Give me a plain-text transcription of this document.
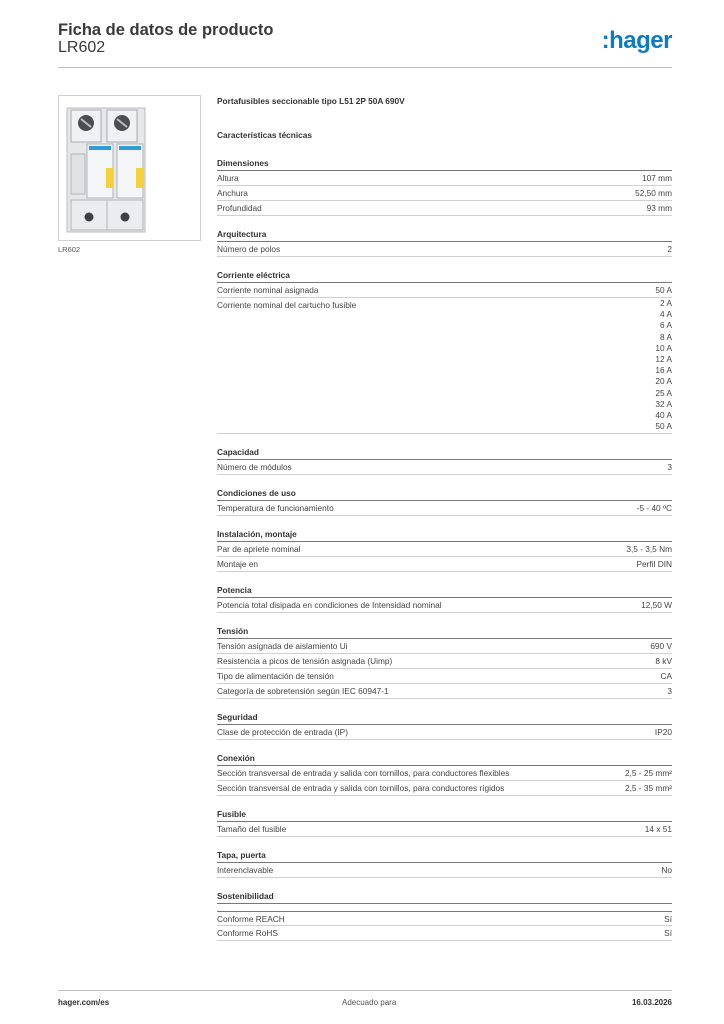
Ficha de datos de producto
LR602	:hager
LR602
Portafusibles seccionable tipo L51 2P 50A 690V
Características técnicas
Dimensiones
Altura	107 mm
Anchura	52,50 mm
Profundidad	93 mm
Arquitectura
Número de polos	2
Corriente eléctrica
Corriente nominal asignada	50 A
Corriente nominal del cartucho fusible	2 A
4 A
6 A
8 A
10 A
12 A
16 A
20 A
25 A
32 A
40 A
50 A
Capacidad
Número de módulos	3
Condiciones de uso
Temperatura de funcionamiento	-5 - 40 ºC
Instalación, montaje
Par de apriete nominal	3,5 - 3,5 Nm
Montaje en	Perfil DIN
Potencia
Potencia total disipada en condiciones de Intensidad nominal	12,50 W
Tensión
Tensión asignada de aislamiento Ui	690 V
Resistencia a picos de tensión asignada (Uimp)	8 kV
Tipo de alimentación de tensión	CA
Categoría de sobretensión según IEC 60947-1	3
Seguridad
Clase de protección de entrada (IP)	IP20
Conexión
Sección transversal de entrada y salida con tornillos, para conductores flexibles	2,5 - 25 mm²
Sección transversal de entrada y salida con tornillos, para conductores rígidos	2,5 - 35 mm²
Fusible
Tamaño del fusible	14 x 51
Tapa, puerta
Interenclavable	No
Sostenibilidad
Conforme REACH	Sí
Conforme RoHS	Sí
hager.com/es	Adecuado para	16.03.2026
